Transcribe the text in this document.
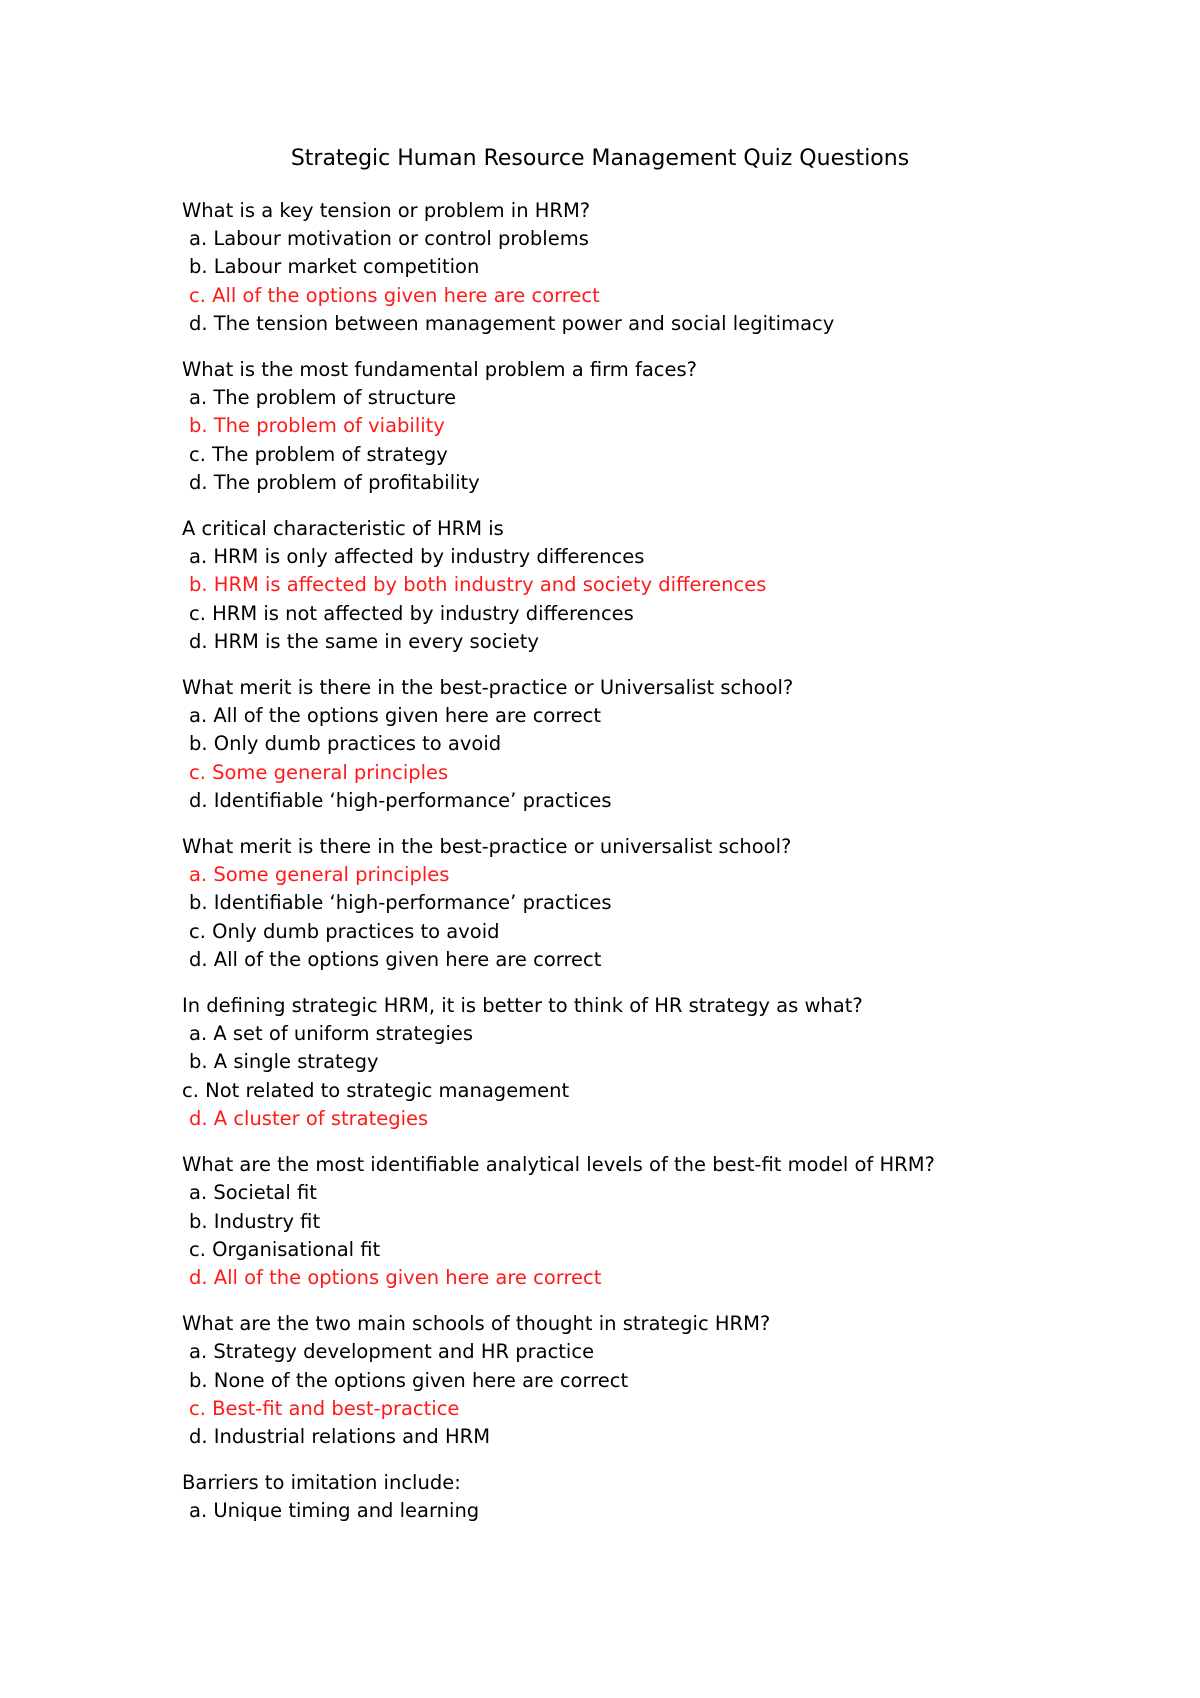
Strategic Human Resource Management Quiz Questions
What is a key tension or problem in HRM?
a. Labour motivation or control problems
b. Labour market competition
c. All of the options given here are correct
d. The tension between management power and social legitimacy
What is the most fundamental problem a firm faces?
a. The problem of structure
b. The problem of viability
c. The problem of strategy
d. The problem of profitability
A critical characteristic of HRM is
a. HRM is only affected by industry differences
b. HRM is affected by both industry and society differences
c. HRM is not affected by industry differences
d. HRM is the same in every society
What merit is there in the best-practice or Universalist school?
a. All of the options given here are correct
b. Only dumb practices to avoid
c. Some general principles
d. Identifiable ‘high-performance’ practices
What merit is there in the best-practice or universalist school?
a. Some general principles
b. Identifiable ‘high-performance’ practices
c. Only dumb practices to avoid
d. All of the options given here are correct
In defining strategic HRM, it is better to think of HR strategy as what?
a. A set of uniform strategies
b. A single strategy
c. Not related to strategic management
d. A cluster of strategies
What are the most identifiable analytical levels of the best-fit model of HRM?
a. Societal fit
b. Industry fit
c. Organisational fit
d. All of the options given here are correct
What are the two main schools of thought in strategic HRM?
a. Strategy development and HR practice
b. None of the options given here are correct
c. Best-fit and best-practice
d. Industrial relations and HRM
Barriers to imitation include:
a. Unique timing and learning
